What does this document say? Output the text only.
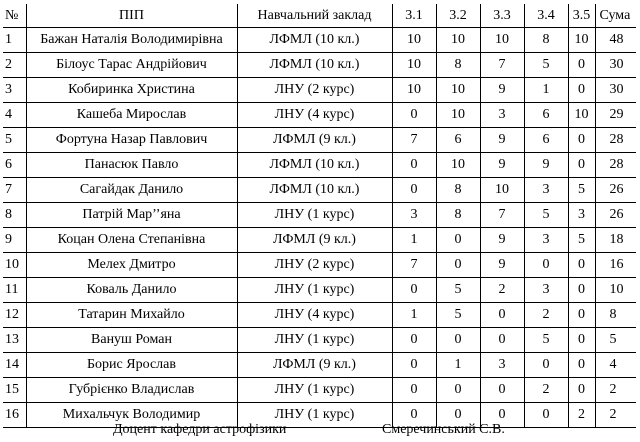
№	ПІП	Навчальний заклад	3.1	3.2	3.3	3.4	3.5	Сума
1	Бажан Наталія Володимирівна	ЛФМЛ (10 кл.)	10	10	10	8	10	48
2	Білоус Тарас Андрійович	ЛФМЛ (10 кл.)	10	8	7	5	0	30
3	Кобиринка Христина	ЛНУ (2 курс)	10	10	9	1	0	30
4	Кашеба Мирослав	ЛНУ (4 курс)	0	10	3	6	10	29
5	Фортуна Назар Павлович	ЛФМЛ (9 кл.)	7	6	9	6	0	28
6	Панасюк Павло	ЛФМЛ (10 кл.)	0	10	9	9	0	28
7	Сагайдак Данило	ЛФМЛ (10 кл.)	0	8	10	3	5	26
8	Патрій Мар’’яна	ЛНУ (1 курс)	3	8	7	5	3	26
9	Коцан Олена Степанівна	ЛФМЛ (9 кл.)	1	0	9	3	5	18
10	Мелех Дмитро	ЛНУ (2 курс)	7	0	9	0	0	16
11	Коваль Данило	ЛНУ (1 курс)	0	5	2	3	0	10
12	Татарин Михайло	ЛНУ (4 курс)	1	5	0	2	0	8
13	Вануш Роман	ЛНУ (1 курс)	0	0	0	5	0	5
14	Борис Ярослав	ЛФМЛ (9 кл.)	0	1	3	0	0	4
15	Губрієнко Владислав	ЛНУ (1 курс)	0	0	0	2	0	2
16	Михальчук Володимир	ЛНУ (1 курс)	0	0	0	0	2	2
Доцент кафедри астрофізики	Смеречинський С.В.
